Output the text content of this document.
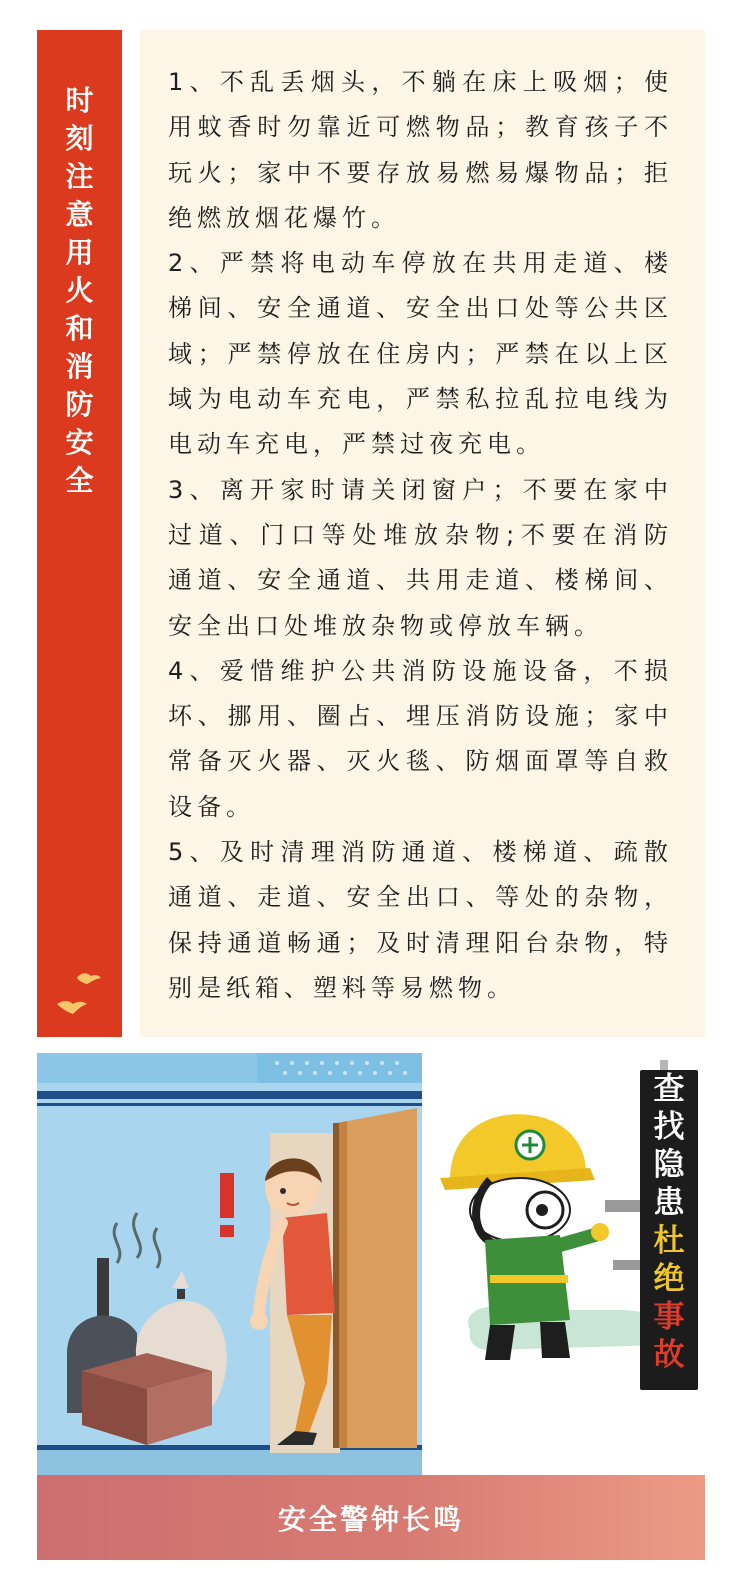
时
刻
注
意
用
火
和
消
防
安
全

1、不乱丢烟头，不躺在床上吸烟；使用蚊香时勿靠近可燃物品；教育孩子不玩火；家中不要存放易燃易爆物品；拒绝燃放烟花爆竹。

2、严禁将电动车停放在共用走道、楼梯间、安全通道、安全出口处等公共区域；严禁停放在住房内；严禁在以上区域为电动车充电，严禁私拉乱拉电线为电动车充电，严禁过夜充电。

3、离开家时请关闭窗户；不要在家中过道、门口等处堆放杂物;不要在消防通道、安全通道、共用走道、楼梯间、安全出口处堆放杂物或停放车辆。

4、爱惜维护公共消防设施设备，不损坏、挪用、圈占、埋压消防设施；家中常备灭火器、灭火毯、防烟面罩等自救设备。

5、及时清理消防通道、楼梯道、疏散通道、走道、安全出口、等处的杂物，保持通道畅通；及时清理阳台杂物，特别是纸箱、塑料等易燃物。

查
找
隐
患
杜
绝
事
故
安全警钟长鸣
